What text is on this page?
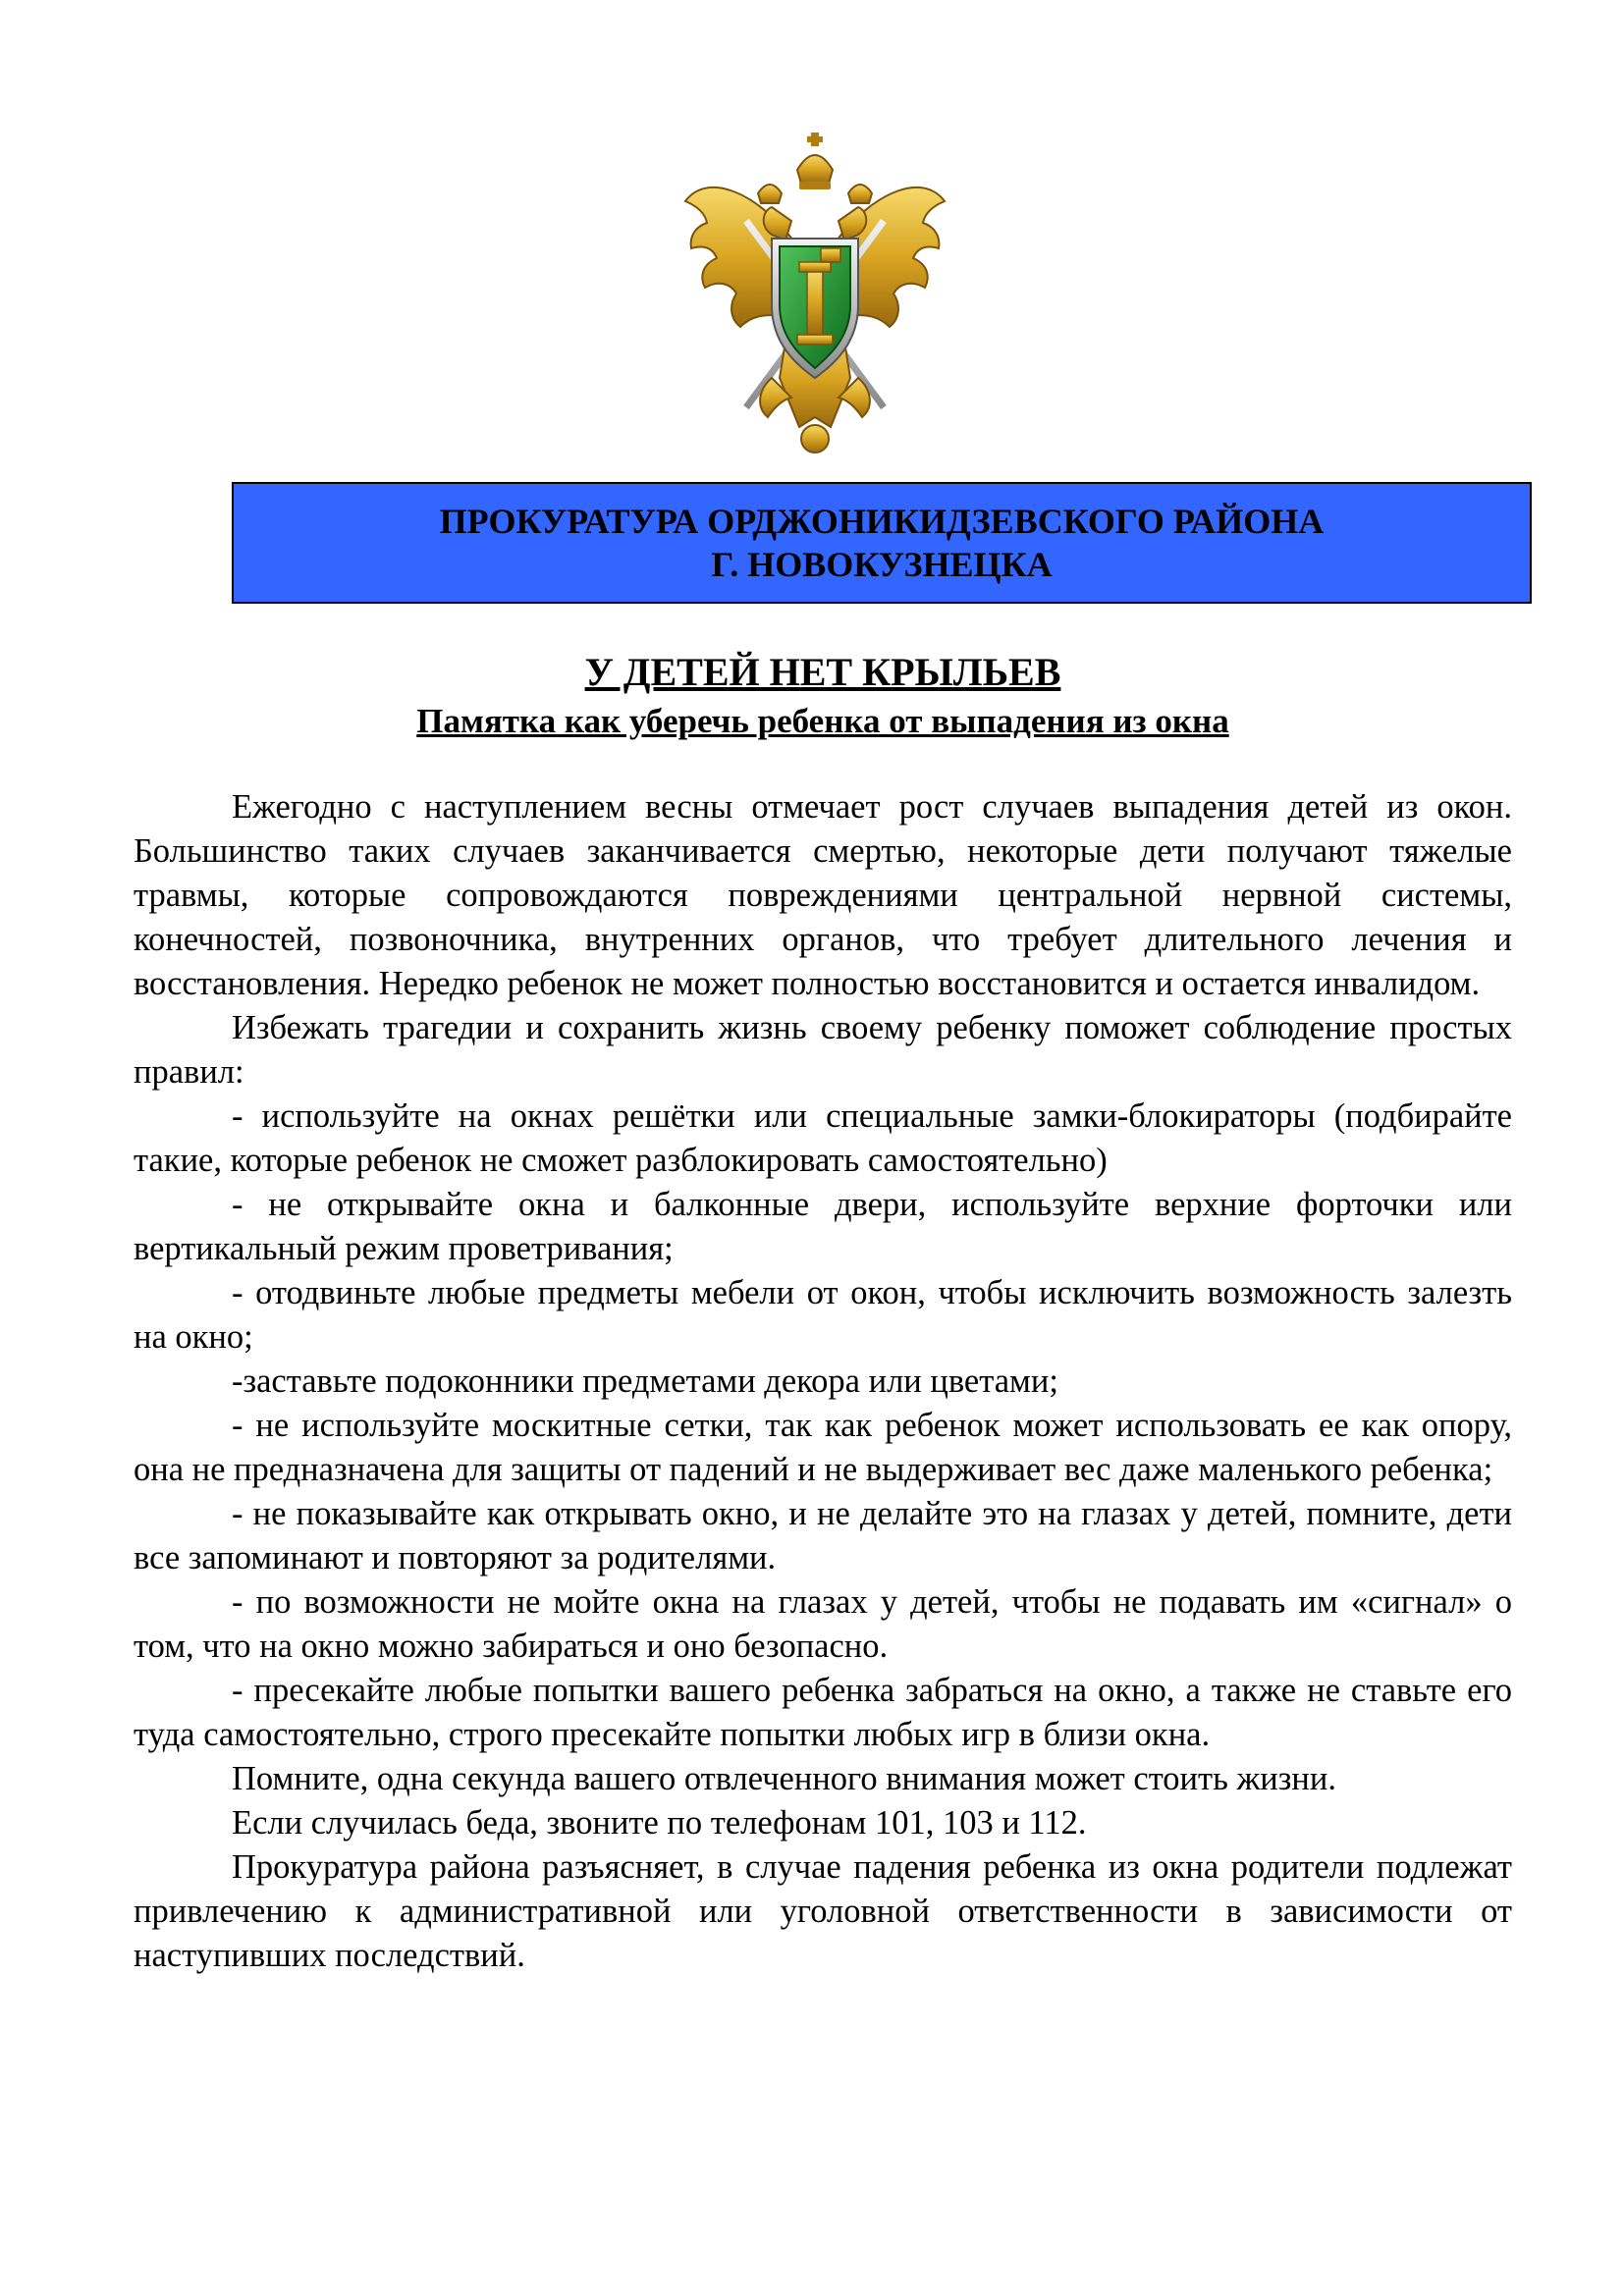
ПРОКУРАТУРА ОРДЖОНИКИДЗЕВСКОГО РАЙОНА
Г. НОВОКУЗНЕЦКА
У ДЕТЕЙ НЕТ КРЫЛЬЕВ
Памятка как уберечь ребенка от выпадения из окна

Ежегодно с наступлением весны отмечает рост случаев выпадения детей из окон. Большинство таких случаев заканчивается смертью, некоторые дети получают тяжелые травмы, которые сопровождаются повреждениями центральной нервной системы, конечностей, позвоночника, внутренних органов, что требует длительного лечения и восстановления. Нередко ребенок не может полностью восстановится и остается инвалидом.

Избежать трагедии и сохранить жизнь своему ребенку поможет соблюдение простых правил:

- используйте на окнах решётки или специальные замки-блокираторы (подбирайте такие, которые ребенок не сможет разблокировать самостоятельно)

- не открывайте окна и балконные двери, используйте верхние форточки или вертикальный режим проветривания;

- отодвиньте любые предметы мебели от окон, чтобы исключить возможность залезть на окно;

-заставьте подоконники предметами декора или цветами;

- не используйте москитные сетки, так как ребенок может использовать ее как опору, она не предназначена для защиты от падений и не выдерживает вес даже маленького ребенка;

- не показывайте как открывать окно, и не делайте это на глазах у детей, помните, дети все запоминают и повторяют за родителями.

- по возможности не мойте окна на глазах у детей, чтобы не подавать им «сигнал» о том, что на окно можно забираться и оно безопасно.

- пресекайте любые попытки вашего ребенка забраться на окно, а также не ставьте его туда самостоятельно, строго пресекайте попытки любых игр в близи окна.

Помните, одна секунда вашего отвлеченного внимания может стоить жизни.

Если случилась беда, звоните по телефонам 101, 103 и 112.

Прокуратура района разъясняет, в случае падения ребенка из окна родители подлежат привлечению к административной или уголовной ответственности в зависимости от наступивших последствий.
